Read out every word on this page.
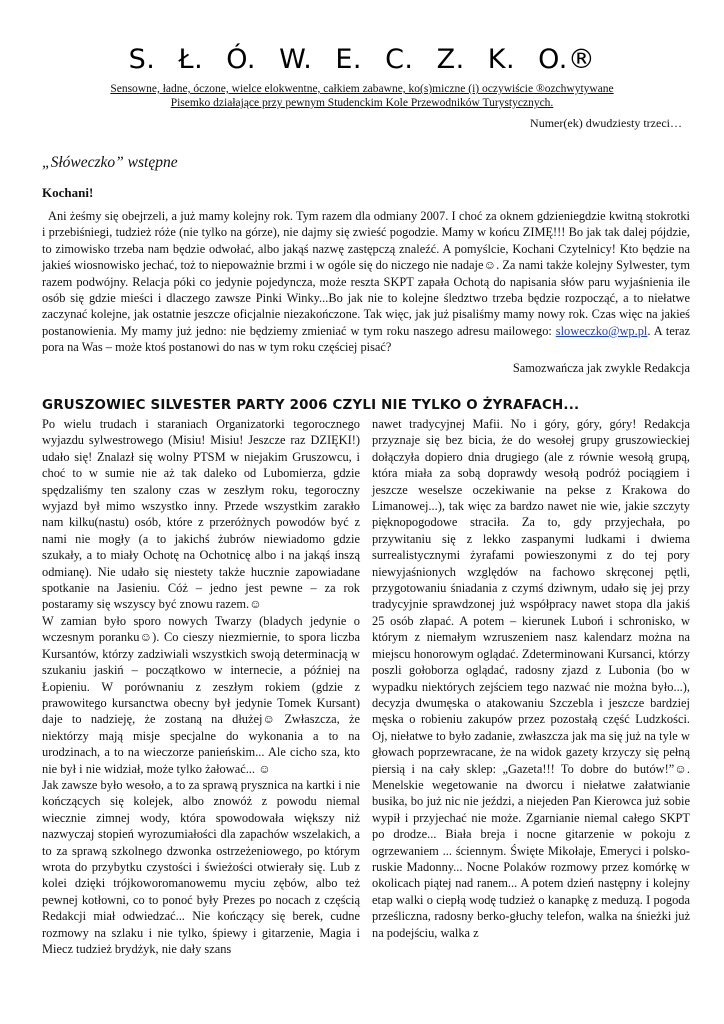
S. Ł. Ó. W. E. C. Z. K. O.®
Sensowne, ładne, óczone, wielce elokwentne, całkiem zabawne, ko(s)miczne (i) oczywiście ®ozchwytywane
Pisemko działające przy pewnym Studenckim Kole Przewodników Turystycznych.
Numer(ek) dwudziesty trzeci…
„Słóweczko” wstępne
Kochani!
Ani żeśmy się obejrzeli, a już mamy kolejny rok. Tym razem dla odmiany 2007. I choć za oknem gdzieniegdzie kwitną stokrotki i przebiśniegi, tudzież róże (nie tylko na górze), nie dajmy się zwieść pogodzie. Mamy w końcu ZIMĘ!!! Bo jak tak dalej pójdzie, to zimowisko trzeba nam będzie odwołać, albo jakąś nazwę zastępczą znaleźć. A pomyślcie, Kochani Czytelnicy! Kto będzie na jakieś wiosnowisko jechać, toż to niepoważnie brzmi i w ogóle się do niczego nie nadaje☺. Za nami także kolejny Sylwester, tym razem podwójny. Relacja póki co jedynie pojedyncza, może reszta SKPT zapała Ochotą do napisania słów paru wyjaśnienia ile osób się gdzie mieści i dlaczego zawsze Pinki Winky...Bo jak nie to kolejne śledztwo trzeba będzie rozpocząć, a to niełatwe zaczynać kolejne, jak ostatnie jeszcze oficjalnie niezakończone. Tak więc, jak już pisaliśmy mamy nowy rok. Czas więc na jakieś postanowienia. My mamy już jedno: nie będziemy zmieniać w tym roku naszego adresu mailowego: sloweczko@wp.pl. A teraz pora na Was – może ktoś postanowi do nas w tym roku częściej pisać?
Samozwańcza jak zwykle Redakcja
GRUSZOWIEC SILVESTER PARTY 2006 CZYLI NIE TYLKO O ŻYRAFACH...

Po wielu trudach i staraniach Organizatorki tegorocznego wyjazdu sylwestrowego (Misiu! Misiu! Jeszcze raz DZIĘKI!) udało się! Znalazł się wolny PTSM w niejakim Gruszowcu, i choć to w sumie nie aż tak daleko od Lubomierza, gdzie spędzaliśmy ten szalony czas w zeszłym roku, tegoroczny wyjazd był mimo wszystko inny. Przede wszystkim zarakło nam kilku(nastu) osób, które z przeróżnych powodów być z nami nie mogły (a to jakichś żubrów niewiadomo gdzie szukały, a to miały Ochotę na Ochotnicę albo i na jakąś inszą odmianę). Nie udało się niestety także hucznie zapowiadane spotkanie na Jasieniu. Cóż – jedno jest pewne – za rok postaramy się wszyscy być znowu razem.☺

W zamian było sporo nowych Twarzy (bladych jedynie o wczesnym poranku☺). Co cieszy niezmiernie, to spora liczba Kursantów, którzy zadziwiali wszystkich swoją determinacją w szukaniu jaskiń – początkowo w internecie, a później na Łopieniu. W porównaniu z zeszłym rokiem (gdzie z prawowitego kursanctwa obecny był jedynie Tomek Kursant) daje to nadzieję, że zostaną na dłużej☺ Zwłaszcza, że niektórzy mają misje specjalne do wykonania a to na urodzinach, a to na wieczorze panieńskim... Ale cicho sza, kto nie był i nie widział, może tylko żałować... ☺

Jak zawsze było wesoło, a to za sprawą prysznica na kartki i nie kończących się kolejek, albo znowóż z powodu niemal wiecznie zimnej wody, która spowodowała większy niż nazwyczaj stopień wyrozumiałości dla zapachów wszelakich, a to za sprawą szkolnego dzwonka ostrzeżeniowego, po którym wrota do przybytku czystości i świeżości otwierały się. Lub z kolei dzięki trójkoworomanowemu myciu zębów, albo też pewnej kotłowni, co to ponoć były Prezes po nocach z częścią Redakcji miał odwiedzać... Nie kończący się berek, cudne rozmowy na szlaku i nie tylko, śpiewy i gitarzenie, Magia i Miecz tudzież brydżyk, nie dały szans

nawet tradycyjnej Mafii. No i góry, góry, góry! Redakcja przyznaje się bez bicia, że do wesołej grupy gruszowieckiej dołączyła dopiero dnia drugiego (ale z równie wesołą grupą, która miała za sobą doprawdy wesołą podróż pociągiem i jeszcze weselsze oczekiwanie na pekse z Krakowa do Limanowej...), tak więc za bardzo nawet nie wie, jakie szczyty pięknopogodowe straciła. Za to, gdy przyjechała, po przywitaniu się z lekko zaspanymi ludkami i dwiema surrealistycznymi żyrafami powieszonymi z do tej pory niewyjaśnionych względów na fachowo skręconej pętli, przygotowaniu śniadania z czymś dziwnym, udało się jej przy tradycyjnie sprawdzonej już współpracy nawet stopa dla jakiś 25 osób złapać. A potem – kierunek Luboń i schronisko, w którym z niemałym wzruszeniem nasz kalendarz można na miejscu honorowym oglądać. Zdeterminowani Kursanci, którzy poszli gołoborza oglądać, radosny zjazd z Lubonia (bo w wypadku niektórych zejściem tego nazwać nie można było...), decyzja dwumęska o atakowaniu Szczebla i jeszcze bardziej męska o robieniu zakupów przez pozostałą część Ludzkości. Oj, niełatwe to było zadanie, zwłaszcza jak ma się już na tyle w głowach poprzewracane, że na widok gazety krzyczy się pełną piersią i na cały sklep: „Gazeta!!! To dobre do butów!”☺. Menelskie wegetowanie na dworcu i niełatwe załatwianie busika, bo już nic nie jeździ, a niejeden Pan Kierowca już sobie wypił i przyjechać nie może. Zgarnianie niemal całego SKPT po drodze... Biała breja i nocne gitarzenie w pokoju z ogrzewaniem ... ściennym. Święte Mikołaje, Emeryci i polsko-ruskie Madonny... Nocne Polaków rozmowy przez komórkę w okolicach piątej nad ranem... A potem dzień następny i kolejny etap walki o ciepłą wodę tudzież o kanapkę z meduzą. I pogoda prześliczna, radosny berko-głuchy telefon, walka na śnieżki już na podejściu, walka z
